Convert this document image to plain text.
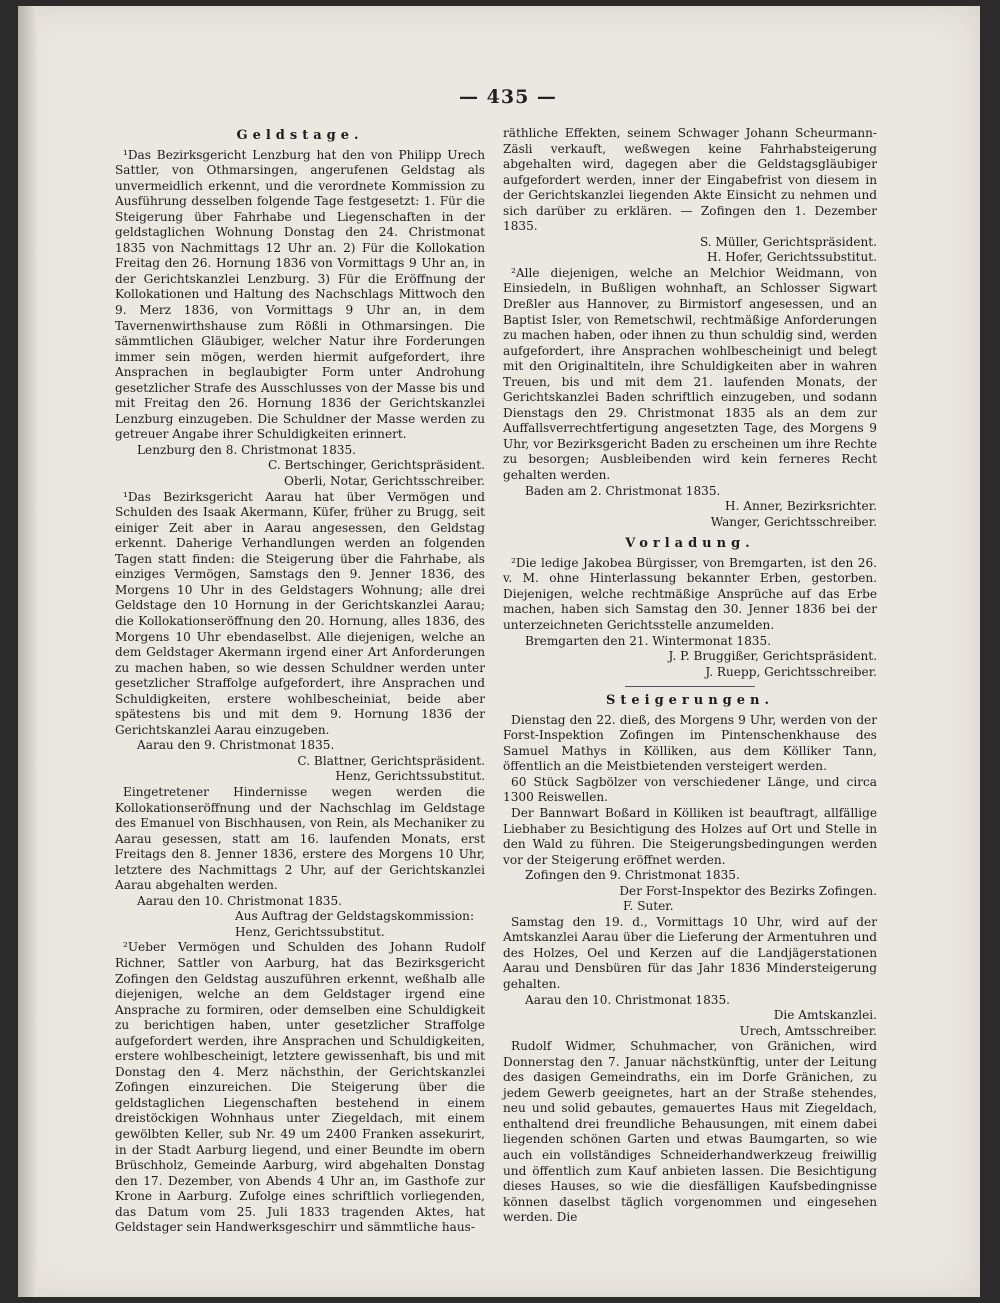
— 435 —
Geldstage.

¹Das Bezirksgericht Lenzburg hat den von Philipp Urech Sattler, von Othmarsingen, angerufenen Geldstag als unvermeidlich erkennt, und die verordnete Kommission zu Ausführung desselben folgende Tage festgesetzt: 1. Für die Steigerung über Fahrhabe und Liegenschaften in der geldstaglichen Wohnung Donstag den 24. Christmonat 1835 von Nachmittags 12 Uhr an. 2) Für die Kollokation Freitag den 26. Hornung 1836 von Vormittags 9 Uhr an, in der Gerichtskanzlei Lenzburg. 3) Für die Eröffnung der Kollokationen und Haltung des Nachschlags Mittwoch den 9. Merz 1836, von Vormittags 9 Uhr an, in dem Tavernenwirthshause zum Rößli in Othmarsingen. Die sämmtlichen Gläubiger, welcher Natur ihre Forderungen immer sein mögen, werden hiermit aufgefordert, ihre Ansprachen in beglaubigter Form unter Androhung gesetzlicher Strafe des Ausschlusses von der Masse bis und mit Freitag den 26. Hornung 1836 der Gerichtskanzlei Lenzburg einzugeben. Die Schuldner der Masse werden zu getreuer Angabe ihrer Schuldigkeiten erinnert.

Lenzburg den 8. Christmonat 1835.

C. Bertschinger, Gerichtspräsident.

Oberli, Notar, Gerichtsschreiber.

¹Das Bezirksgericht Aarau hat über Vermögen und Schulden des Isaak Akermann, Küfer, früher zu Brugg, seit einiger Zeit aber in Aarau angesessen, den Geldstag erkennt. Daherige Verhandlungen werden an folgenden Tagen statt finden: die Steigerung über die Fahrhabe, als einziges Vermögen, Samstags den 9. Jenner 1836, des Morgens 10 Uhr in des Geldstagers Wohnung; alle drei Geldstage den 10 Hornung in der Gerichtskanzlei Aarau; die Kollokationseröffnung den 20. Hornung, alles 1836, des Morgens 10 Uhr ebendaselbst. Alle diejenigen, welche an dem Geldstager Akermann irgend einer Art Anforderungen zu machen haben, so wie dessen Schuldner werden unter gesetzlicher Straffolge aufgefordert, ihre Ansprachen und Schuldigkeiten, erstere wohlbescheiniat, beide aber spätestens bis und mit dem 9. Hornung 1836 der Gerichtskanzlei Aarau einzugeben.

Aarau den 9. Christmonat 1835.

C. Blattner, Gerichtspräsident.

Henz, Gerichtssubstitut.

Eingetretener Hindernisse wegen werden die Kollokationseröffnung und der Nachschlag im Geldstage des Emanuel von Bischhausen, von Rein, als Mechaniker zu Aarau gesessen, statt am 16. laufenden Monats, erst Freitags den 8. Jenner 1836, erstere des Morgens 10 Uhr, letztere des Nachmittags 2 Uhr, auf der Gerichtskanzlei Aarau abgehalten werden.

Aarau den 10. Christmonat 1835.

Aus Auftrag der Geldstagskommission:

Henz, Gerichtssubstitut.

²Ueber Vermögen und Schulden des Johann Rudolf Richner, Sattler von Aarburg, hat das Bezirksgericht Zofingen den Geldstag auszuführen erkennt, weßhalb alle diejenigen, welche an dem Geldstager irgend eine Ansprache zu formiren, oder demselben eine Schuldigkeit zu berichtigen haben, unter gesetzlicher Straffolge aufgefordert werden, ihre Ansprachen und Schuldigkeiten, erstere wohlbescheinigt, letztere gewissenhaft, bis und mit Donstag den 4. Merz nächsthin, der Gerichtskanzlei Zofingen einzureichen. Die Steigerung über die geldstaglichen Liegenschaften bestehend in einem dreistöckigen Wohnhaus unter Ziegeldach, mit einem gewölbten Keller, sub Nr. 49 um 2400 Franken assekurirt, in der Stadt Aarburg liegend, und einer Beundte im obern Brüschholz, Gemeinde Aarburg, wird abgehalten Donstag den 17. Dezember, von Abends 4 Uhr an, im Gasthofe zur Krone in Aarburg. Zufolge eines schriftlich vorliegenden, das Datum vom 25. Juli 1833 tragenden Aktes, hat Geldstager sein Handwerksgeschirr und sämmtliche haus-

räthliche Effekten, seinem Schwager Johann Scheurmann-Zäsli verkauft, weßwegen keine Fahrhabsteigerung abgehalten wird, dagegen aber die Geldstagsgläubiger aufgefordert werden, inner der Eingabefrist von diesem in der Gerichtskanzlei liegenden Akte Einsicht zu nehmen und sich darüber zu erklären. — Zofingen den 1. Dezember 1835.

S. Müller, Gerichtspräsident.

H. Hofer, Gerichtssubstitut.

²Alle diejenigen, welche an Melchior Weidmann, von Einsiedeln, in Bußligen wohnhaft, an Schlosser Sigwart Dreßler aus Hannover, zu Birmistorf angesessen, und an Baptist Isler, von Remetschwil, rechtmäßige Anforderungen zu machen haben, oder ihnen zu thun schuldig sind, werden aufgefordert, ihre Ansprachen wohlbescheinigt und belegt mit den Originaltiteln, ihre Schuldigkeiten aber in wahren Treuen, bis und mit dem 21. laufenden Monats, der Gerichtskanzlei Baden schriftlich einzugeben, und sodann Dienstags den 29. Christmonat 1835 als an dem zur Auffallsverrechtfertigung angesetzten Tage, des Morgens 9 Uhr, vor Bezirksgericht Baden zu erscheinen um ihre Rechte zu besorgen; Ausbleibenden wird kein ferneres Recht gehalten werden.

Baden am 2. Christmonat 1835.

H. Anner, Bezirksrichter.

Wanger, Gerichtsschreiber.

Vorladung.

²Die ledige Jakobea Bürgisser, von Bremgarten, ist den 26. v. M. ohne Hinterlassung bekannter Erben, gestorben. Diejenigen, welche rechtmäßige Ansprüche auf das Erbe machen, haben sich Samstag den 30. Jenner 1836 bei der unterzeichneten Gerichtsstelle anzumelden.

Bremgarten den 21. Wintermonat 1835.

J. P. Bruggißer, Gerichtspräsident.

J. Ruepp, Gerichtsschreiber.

Steigerungen.

Dienstag den 22. dieß, des Morgens 9 Uhr, werden von der Forst-Inspektion Zofingen im Pintenschenkhause des Samuel Mathys in Kölliken, aus dem Kölliker Tann, öffentlich an die Meistbietenden versteigert werden.

60 Stück Sagbölzer von verschiedener Länge, und circa 1300 Reiswellen.

Der Bannwart Boßard in Kölliken ist beauftragt, allfällige Liebhaber zu Besichtigung des Holzes auf Ort und Stelle in den Wald zu führen. Die Steigerungsbedingungen werden vor der Steigerung eröffnet werden.

Zofingen den 9. Christmonat 1835.

Der Forst-Inspektor des Bezirks Zofingen.

F. Suter.

Samstag den 19. d., Vormittags 10 Uhr, wird auf der Amtskanzlei Aarau über die Lieferung der Armentuhren und des Holzes, Oel und Kerzen auf die Landjägerstationen Aarau und Densbüren für das Jahr 1836 Mindersteigerung gehalten.

Aarau den 10. Christmonat 1835.

Die Amtskanzlei.

Urech, Amtsschreiber.

Rudolf Widmer, Schuhmacher, von Gränichen, wird Donnerstag den 7. Januar nächstkünftig, unter der Leitung des dasigen Gemeindraths, ein im Dorfe Gränichen, zu jedem Gewerb geeignetes, hart an der Straße stehendes, neu und solid gebautes, gemauertes Haus mit Ziegeldach, enthaltend drei freundliche Behausungen, mit einem dabei liegenden schönen Garten und etwas Baumgarten, so wie auch ein vollständiges Schneiderhandwerkzeug freiwillig und öffentlich zum Kauf anbieten lassen. Die Besichtigung dieses Hauses, so wie die diesfälligen Kaufsbedingnisse können daselbst täglich vorgenommen und eingesehen werden. Die
